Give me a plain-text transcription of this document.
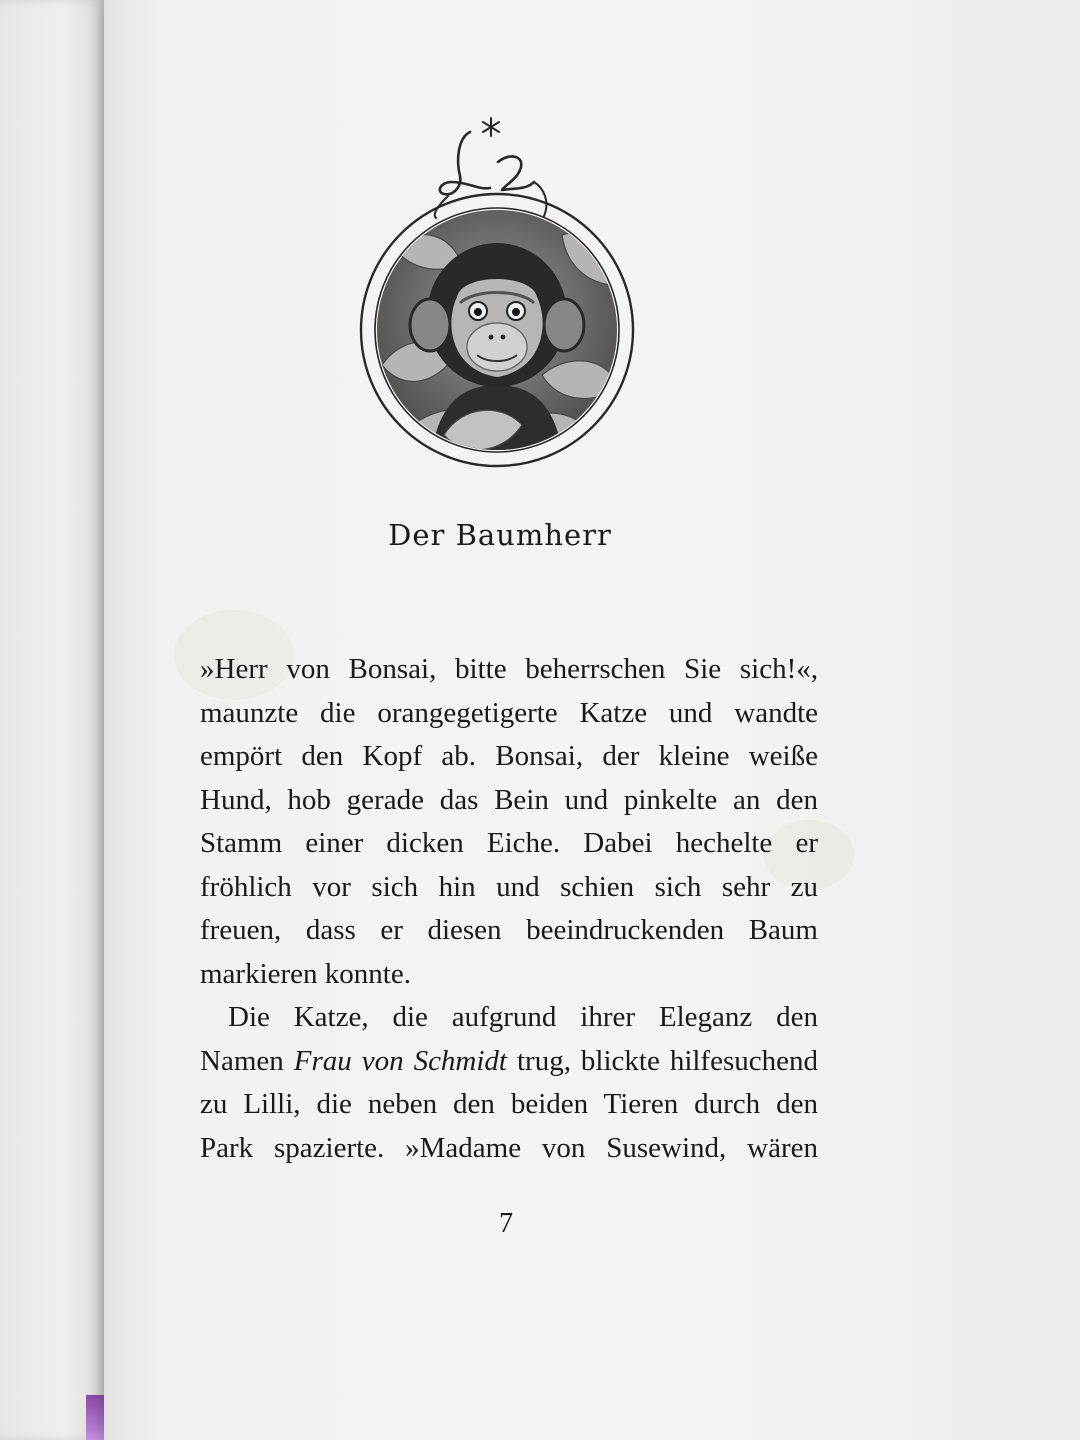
Der Baumherr

»Herr von Bonsai, bitte beherrschen Sie sich!«,
maunzte die orangegetigerte Katze und wandte
empört den Kopf ab. Bonsai, der kleine weiße
Hund, hob gerade das Bein und pinkelte an den
Stamm einer dicken Eiche. Dabei hechelte er
fröhlich vor sich hin und schien sich sehr zu
freuen, dass er diesen beeindruckenden Baum
markieren konnte.

Die Katze, die aufgrund ihrer Eleganz den
Namen Frau von Schmidt trug, blickte hilfesuchend
zu Lilli, die neben den beiden Tieren durch den
Park spazierte. »Madame von Susewind, wären

7
